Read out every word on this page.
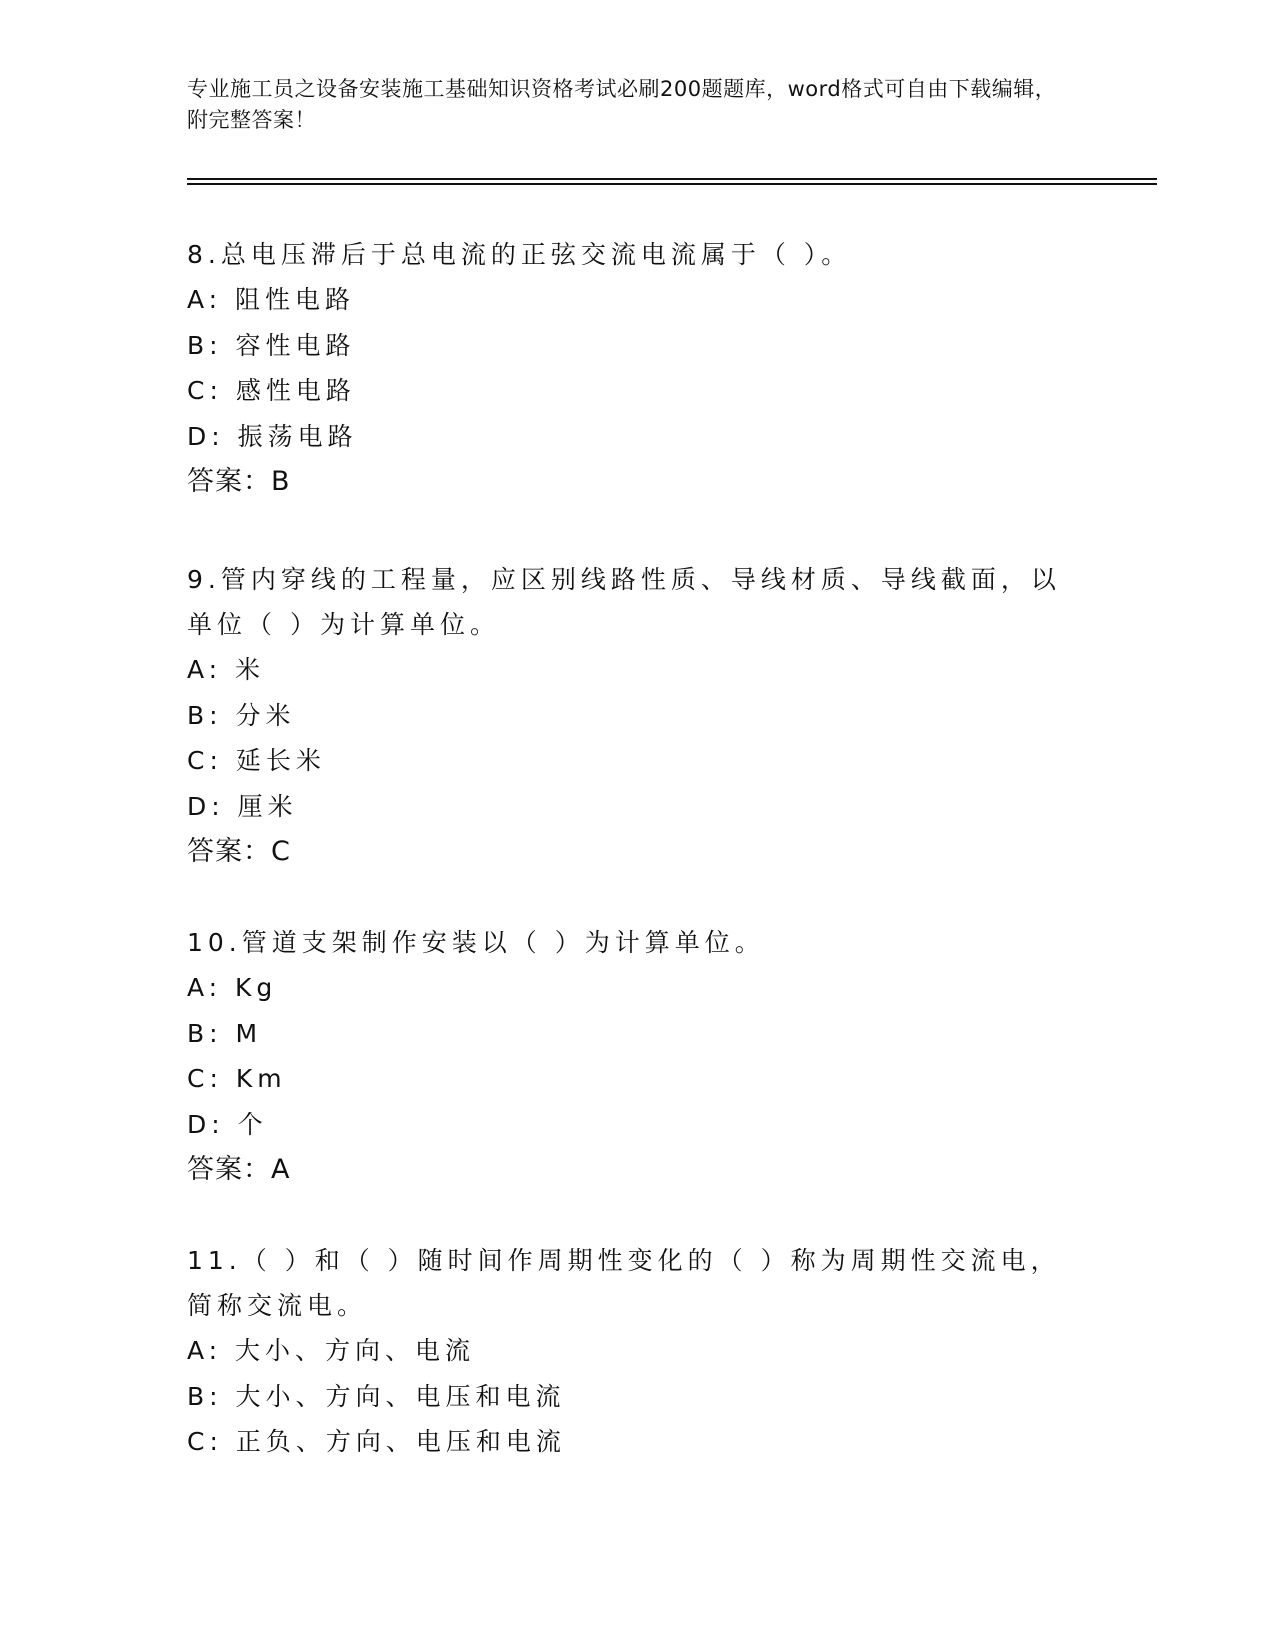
专业施工员之设备安装施工基础知识资格考试必刷200题题库，word格式可自由下载编辑，附完整答案！

8.总电压滞后于总电流的正弦交流电流属于（ ）。

A: 阻性电路
B: 容性电路
C: 感性电路
D: 振荡电路
答案：B

9.管内穿线的工程量，应区别线路性质、导线材质、导线截面，以单位（ ）为计算单位。

A: 米
B: 分米
C: 延长米
D: 厘米
答案：C

10.管道支架制作安装以（ ）为计算单位。

A: Kg
B: M
C: Km
D: 个
答案：A

11.（ ）和（ ）随时间作周期性变化的（ ）称为周期性交流电，简称交流电。

A: 大小、方向、电流
B: 大小、方向、电压和电流
C: 正负、方向、电压和电流
